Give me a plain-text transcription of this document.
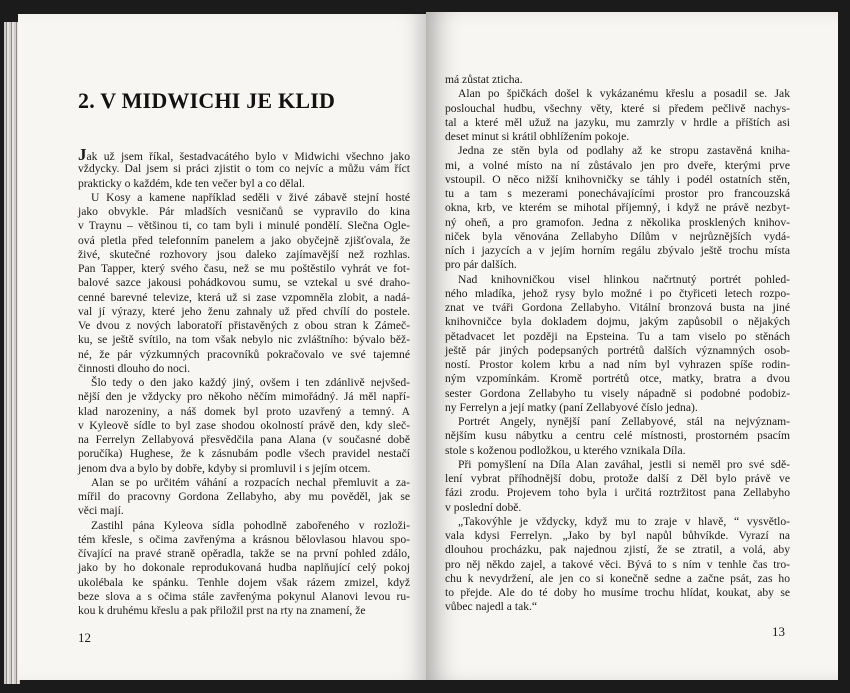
2. V MIDWICHI JE KLID
Jak už jsem říkal, šestadvacátého bylo v Midwichi všechno jako
vždycky. Dal jsem si práci zjistit o tom co nejvíc a můžu vám říct
prakticky o každém, kde ten večer byl a co dělal.
U Kosy a kamene například seděli v živé zábavě stejní hosté
jako obvykle. Pár mladších vesničanů se vypravilo do kina
v Traynu – většinou ti, co tam byli i minulé pondělí. Slečna Ogle-
ová pletla před telefonním panelem a jako obyčejně zjišťovala, že
živé, skutečné rozhovory jsou daleko zajímavější než rozhlas.
Pan Tapper, který svého času, než se mu poštěstilo vyhrát ve fot-
balové sazce jakousi pohádkovou sumu, se vztekal u své draho-
cenné barevné televize, která už si zase vzpomněla zlobit, a nadá-
val jí výrazy, které jeho ženu zahnaly už před chvílí do postele.
Ve dvou z nových laboratoří přistavěných z obou stran k Zámeč-
ku, se ještě svítilo, na tom však nebylo nic zvláštního: bývalo běž-
né, že pár výzkumných pracovníků pokračovalo ve své tajemné
činnosti dlouho do noci.
Šlo tedy o den jako každý jiný, ovšem i ten zdánlivě nejvšed-
nější den je vždycky pro někoho něčím mimořádný. Já měl napří-
klad narozeniny, a náš domek byl proto uzavřený a temný. A
v Kyleově sídle to byl zase shodou okolností právě den, kdy sleč-
na Ferrelyn Zellabyová přesvědčila pana Alana (v současné době
poručíka) Hughese, že k zásnubám podle všech pravidel nestačí
jenom dva a bylo by dobře, kdyby si promluvil i s jejím otcem.
Alan se po určitém váhání a rozpacích nechal přemluvit a za-
mířil do pracovny Gordona Zellabyho, aby mu pověděl, jak se
věci mají.
Zastihl pána Kyleova sídla pohodlně zabořeného v rozloži-
tém křesle, s očima zavřenýma a krásnou bělovlasou hlavou spo-
čívající na pravé straně opěradla, takže se na první pohled zdálo,
jako by ho dokonale reprodukovaná hudba naplňující celý pokoj
ukolébala ke spánku. Tenhle dojem však rázem zmizel, když
beze slova a s očima stále zavřenýma pokynul Alanovi levou ru-
kou k druhému křeslu a pak přiložil prst na rty na znamení, že
12
má zůstat zticha.
Alan po špičkách došel k vykázanému křeslu a posadil se. Jak
poslouchal hudbu, všechny věty, které si předem pečlivě nachys-
tal a které měl užuž na jazyku, mu zamrzly v hrdle a příštích asi
deset minut si krátil obhlížením pokoje.
Jedna ze stěn byla od podlahy až ke stropu zastavěná kniha-
mi, a volné místo na ní zůstávalo jen pro dveře, kterými prve
vstoupil. O něco nižší knihovničky se táhly i podél ostatních stěn,
tu a tam s mezerami ponechávajícími prostor pro francouzská
okna, krb, ve kterém se mihotal příjemný, i když ne právě nezbyt-
ný oheň, a pro gramofon. Jedna z několika prosklených knihov-
niček byla věnována Zellabyho Dílům v nejrůznějších vydá-
ních i jazycích a v jejím horním regálu zbývalo ještě trochu místa
pro pár dalších.
Nad knihovničkou visel hlinkou načrtnutý portrét pohled-
ného mladíka, jehož rysy bylo možné i po čtyřiceti letech rozpo-
znat ve tváři Gordona Zellabyho. Vitální bronzová busta na jiné
knihovničce byla dokladem dojmu, jakým zapůsobil o nějakých
pětadvacet let později na Epsteina. Tu a tam viselo po stěnách
ještě pár jiných podepsaných portrétů dalších významných osob-
ností. Prostor kolem krbu a nad ním byl vyhrazen spíše rodin-
ným vzpomínkám. Kromě portrétů otce, matky, bratra a dvou
sester Gordona Zellabyho tu visely nápadně si podobné podobiz-
ny Ferrelyn a její matky (paní Zellabyové číslo jedna).
Portrét Angely, nynější paní Zellabyové, stál na nejvýznam-
nějším kusu nábytku a centru celé místnosti, prostorném psacím
stole s koženou podložkou, u kterého vznikala Díla.
Při pomyšlení na Díla Alan zaváhal, jestli si neměl pro své sdě-
lení vybrat příhodnější dobu, protože další z Děl bylo právě ve
fázi zrodu. Projevem toho byla i určitá roztržitost pana Zellabyho
v poslední době.
„Takovýhle je vždycky, když mu to zraje v hlavě, “ vysvětlo-
vala kdysi Ferrelyn. „Jako by byl napůl bůhvíkde. Vyrazí na
dlouhou procházku, pak najednou zjistí, že se ztratil, a volá, aby
pro něj někdo zajel, a takové věci. Bývá to s ním v tenhle čas tro-
chu k nevydržení, ale jen co si konečně sedne a začne psát, zas ho
to přejde. Ale do té doby ho musíme trochu hlídat, koukat, aby se
vůbec najedl a tak.“
13
